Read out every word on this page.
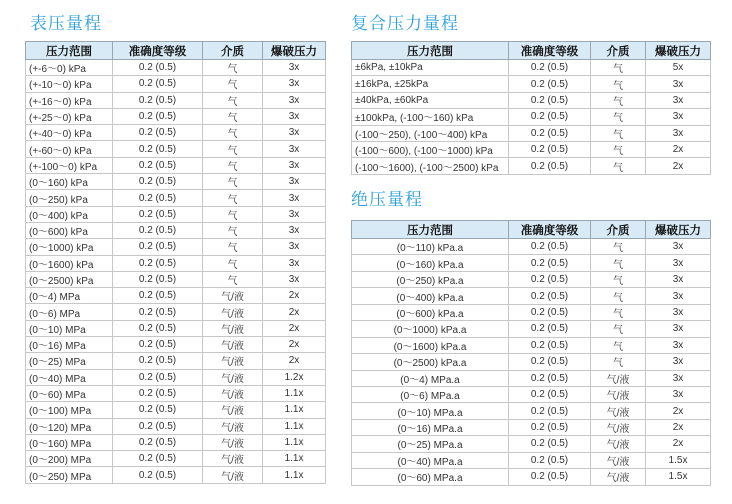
表压量程
压力范围	准确度等级	介质	爆破压力
(+-6～0) kPa	0.2 (0.5)	气	3x
(+-10～0) kPa	0.2 (0.5)	气	3x
(+-16～0) kPa	0.2 (0.5)	气	3x
(+-25～0) kPa	0.2 (0.5)	气	3x
(+-40～0) kPa	0.2 (0.5)	气	3x
(+-60～0) kPa	0.2 (0.5)	气	3x
(+-100～0) kPa	0.2 (0.5)	气	3x
(0～160) kPa	0.2 (0.5)	气	3x
(0～250) kPa	0.2 (0.5)	气	3x
(0～400) kPa	0.2 (0.5)	气	3x
(0～600) kPa	0.2 (0.5)	气	3x
(0～1000) kPa	0.2 (0.5)	气	3x
(0～1600) kPa	0.2 (0.5)	气	3x
(0～2500) kPa	0.2 (0.5)	气	3x
(0～4) MPa	0.2 (0.5)	气/液	2x
(0～6) MPa	0.2 (0.5)	气/液	2x
(0～10) MPa	0.2 (0.5)	气/液	2x
(0～16) MPa	0.2 (0.5)	气/液	2x
(0～25) MPa	0.2 (0.5)	气/液	2x
(0～40) MPa	0.2 (0.5)	气/液	1.2x
(0～60) MPa	0.2 (0.5)	气/液	1.1x
(0～100) MPa	0.2 (0.5)	气/液	1.1x
(0～120) MPa	0.2 (0.5)	气/液	1.1x
(0～160) MPa	0.2 (0.5)	气/液	1.1x
(0～200) MPa	0.2 (0.5)	气/液	1.1x
(0～250) MPa	0.2 (0.5)	气/液	1.1x
复合压力量程
压力范围	准确度等级	介质	爆破压力
±6kPa, ±10kPa	0.2 (0.5)	气	5x
±16kPa, ±25kPa	0.2 (0.5)	气	3x
±40kPa, ±60kPa	0.2 (0.5)	气	3x
±100kPa, (-100～160) kPa	0.2 (0.5)	气	3x
(-100～250), (-100～400) kPa	0.2 (0.5)	气	3x
(-100～600), (-100～1000) kPa	0.2 (0.5)	气	2x
(-100～1600), (-100～2500) kPa	0.2 (0.5)	气	2x
绝压量程
压力范围	准确度等级	介质	爆破压力
(0～110) kPa.a	0.2 (0.5)	气	3x
(0～160) kPa.a	0.2 (0.5)	气	3x
(0～250) kPa.a	0.2 (0.5)	气	3x
(0～400) kPa.a	0.2 (0.5)	气	3x
(0～600) kPa.a	0.2 (0.5)	气	3x
(0～1000) kPa.a	0.2 (0.5)	气	3x
(0～1600) kPa.a	0.2 (0.5)	气	3x
(0～2500) kPa.a	0.2 (0.5)	气	3x
(0～4) MPa.a	0.2 (0.5)	气/液	3x
(0～6) MPa.a	0.2 (0.5)	气/液	3x
(0～10) MPa.a	0.2 (0.5)	气/液	2x
(0～16) MPa.a	0.2 (0.5)	气/液	2x
(0～25) MPa.a	0.2 (0.5)	气/液	2x
(0～40) MPa.a	0.2 (0.5)	气/液	1.5x
(0～60) MPa.a	0.2 (0.5)	气/液	1.5x
